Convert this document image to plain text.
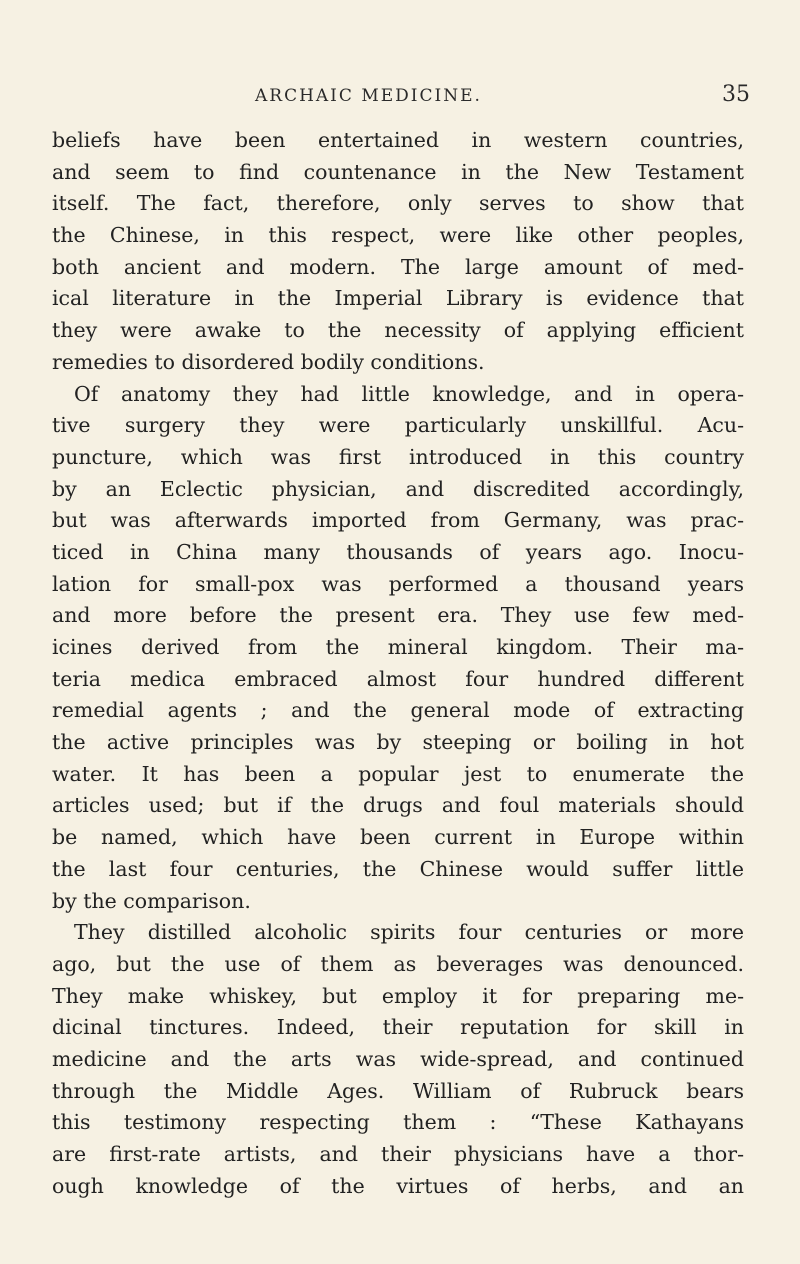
ARCHAIC MEDICINE.	35
beliefs have been entertained in western countries,
and seem to find countenance in the New Testament
itself. The fact, therefore, only serves to show that
the Chinese, in this respect, were like other peoples,
both ancient and modern. The large amount of med-
ical literature in the Imperial Library is evidence that
they were awake to the necessity of applying efficient
remedies to disordered bodily conditions.
Of anatomy they had little knowledge, and in opera-
tive surgery they were particularly unskillful. Acu-
puncture, which was first introduced in this country
by an Eclectic physician, and discredited accordingly,
but was afterwards imported from Germany, was prac-
ticed in China many thousands of years ago. Inocu-
lation for small-pox was performed a thousand years
and more before the present era. They use few med-
icines derived from the mineral kingdom. Their ma-
teria medica embraced almost four hundred different
remedial agents ; and the general mode of extracting
the active principles was by steeping or boiling in hot
water. It has been a popular jest to enumerate the
articles used; but if the drugs and foul materials should
be named, which have been current in Europe within
the last four centuries, the Chinese would suffer little
by the comparison.
They distilled alcoholic spirits four centuries or more
ago, but the use of them as beverages was denounced.
They make whiskey, but employ it for preparing me-
dicinal tinctures. Indeed, their reputation for skill in
medicine and the arts was wide-spread, and continued
through the Middle Ages. William of Rubruck bears
this testimony respecting them : “These Kathayans
are first-rate artists, and their physicians have a thor-
ough knowledge of the virtues of herbs, and an
